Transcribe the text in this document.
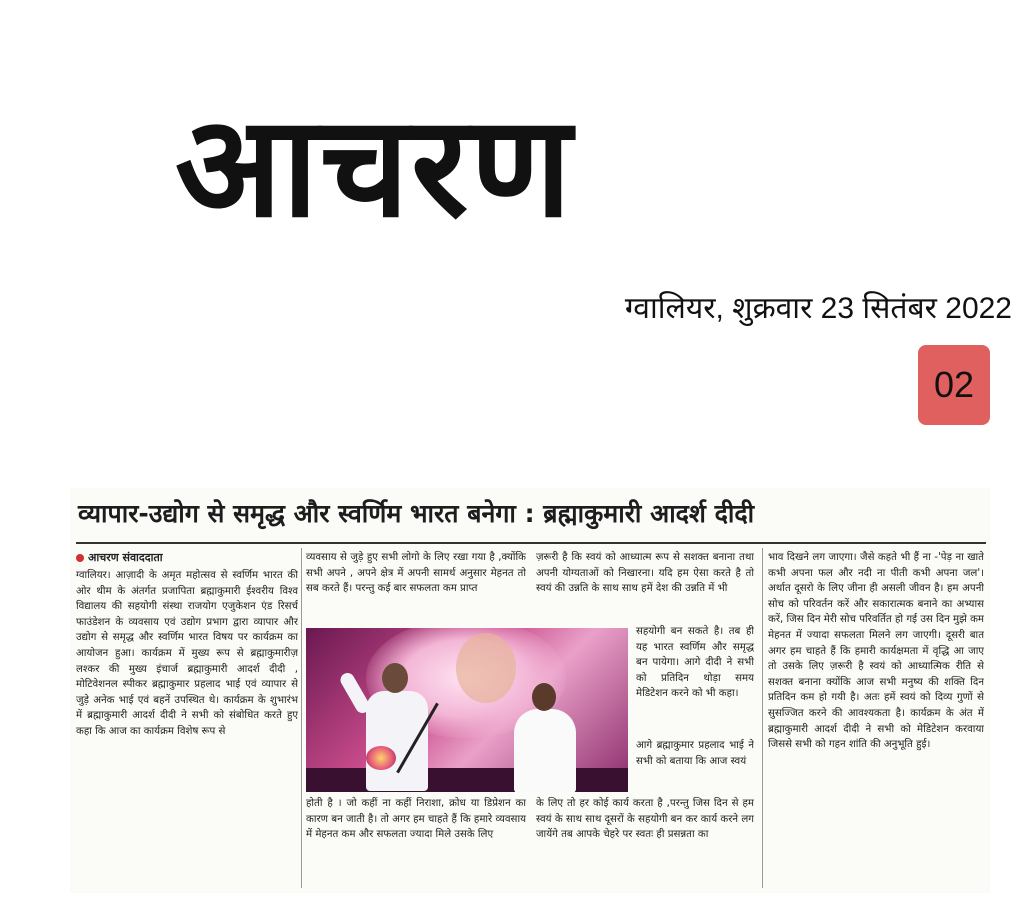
आचरण
ग्वालियर, शुक्रवार 23 सितंबर 2022
02
व्यापार-उद्योग से समृद्ध और स्वर्णिम भारत बनेगा : ब्रह्माकुमारी आदर्श दीदी
आचरण संवाददाता
ग्वालियर। आज़ादी के अमृत महोत्सव से स्वर्णिम भारत की ओर थीम के अंतर्गत प्रजापिता ब्रह्माकुमारी ईश्वरीय विश्व विद्यालय की सहयोगी संस्था राजयोग एजुकेशन एंड रिसर्च फाउंडेशन के व्यवसाय एवं उद्योग प्रभाग द्वारा व्यापार और उद्योग से समृद्ध और स्वर्णिम भारत विषय पर कार्यक्रम का आयोजन हुआ। कार्यक्रम में मुख्य रूप से ब्रह्माकुमारीज़ लश्कर की मुख्य इंचार्ज ब्रह्माकुमारी आदर्श दीदी , मोटिवेशनल स्पीकर ब्रह्माकुमार प्रहलाद भाई एवं व्यापार से जुड़े अनेक भाई एवं बहनें उपस्थित थे। कार्यक्रम के शुभारंभ में ब्रह्माकुमारी आदर्श दीदी ने सभी को संबोधित करते हुए कहा कि आज का कार्यक्रम विशेष रूप से
व्यवसाय से जुड़े हुए सभी लोगो के लिए रखा गया है ,क्योंकि सभी अपने , अपने क्षेत्र में अपनी सामर्थ अनुसार मेहनत तो सब करते हैं। परन्तु कई बार सफलता कम प्राप्त
ज़रूरी है कि स्वयं को आध्यात्म रूप से सशक्त बनाना तथा अपनी योग्यताओं को निखारना। यदि हम ऐसा करते है तो स्वयं की उन्नति के साथ साथ हमें देश की उन्नति में भी
भाव दिखने लग जाएगा। जैसे कहते भी हैं ना -'पेड़ ना खाते कभी अपना फल और नदी ना पीती कभी अपना जल'। अर्थात दूसरो के लिए जीना ही असली जीवन है। हम अपनी सोच को परिवर्तन करें और सकारात्मक बनाने का अभ्यास करें, जिस दिन मेरी सोच परिवर्तित हो गई उस दिन मुझे कम मेहनत में ज्यादा सफलता मिलने लग जाएगी। दूसरी बात अगर हम चाहते हैं कि हमारी कार्यक्षमता में वृद्धि आ जाए तो उसके लिए ज़रूरी है स्वयं को आध्यात्मिक रीति से सशक्त बनाना क्योंकि आज सभी मनुष्य की शक्ति दिन प्रतिदिन कम हो गयी है। अतः हमें स्वयं को दिव्य गुणों से सुसज्जित करने की आवश्यकता है। कार्यक्रम के अंत में ब्रह्माकुमारी आदर्श दीदी ने सभी को मेडिटेशन करवाया जिससे सभी को गहन शांति की अनुभूति हुई।
सहयोगी बन सकते है। तब ही यह भारत स्वर्णिम और समृद्ध बन पायेगा। आगे दीदी ने सभी को प्रतिदिन थोड़ा समय मेडिटेशन करने को भी कहा।
आगे ब्रह्माकुमार प्रहलाद भाई ने सभी को बताया कि आज स्वयं
होती है । जो कहीं ना कहीं निराशा, क्रोध या डिप्रेशन का कारण बन जाती है। तो अगर हम चाहते हैं कि हमारे व्यवसाय में मेहनत कम और सफलता ज्यादा मिले उसके लिए
के लिए तो हर कोई कार्य करता है ,परन्तु जिस दिन से हम स्वयं के साथ साथ दूसरों के सहयोगी बन कर कार्य करने लग जायेंगे तब आपके चेहरे पर स्वतः ही प्रसन्नता का
